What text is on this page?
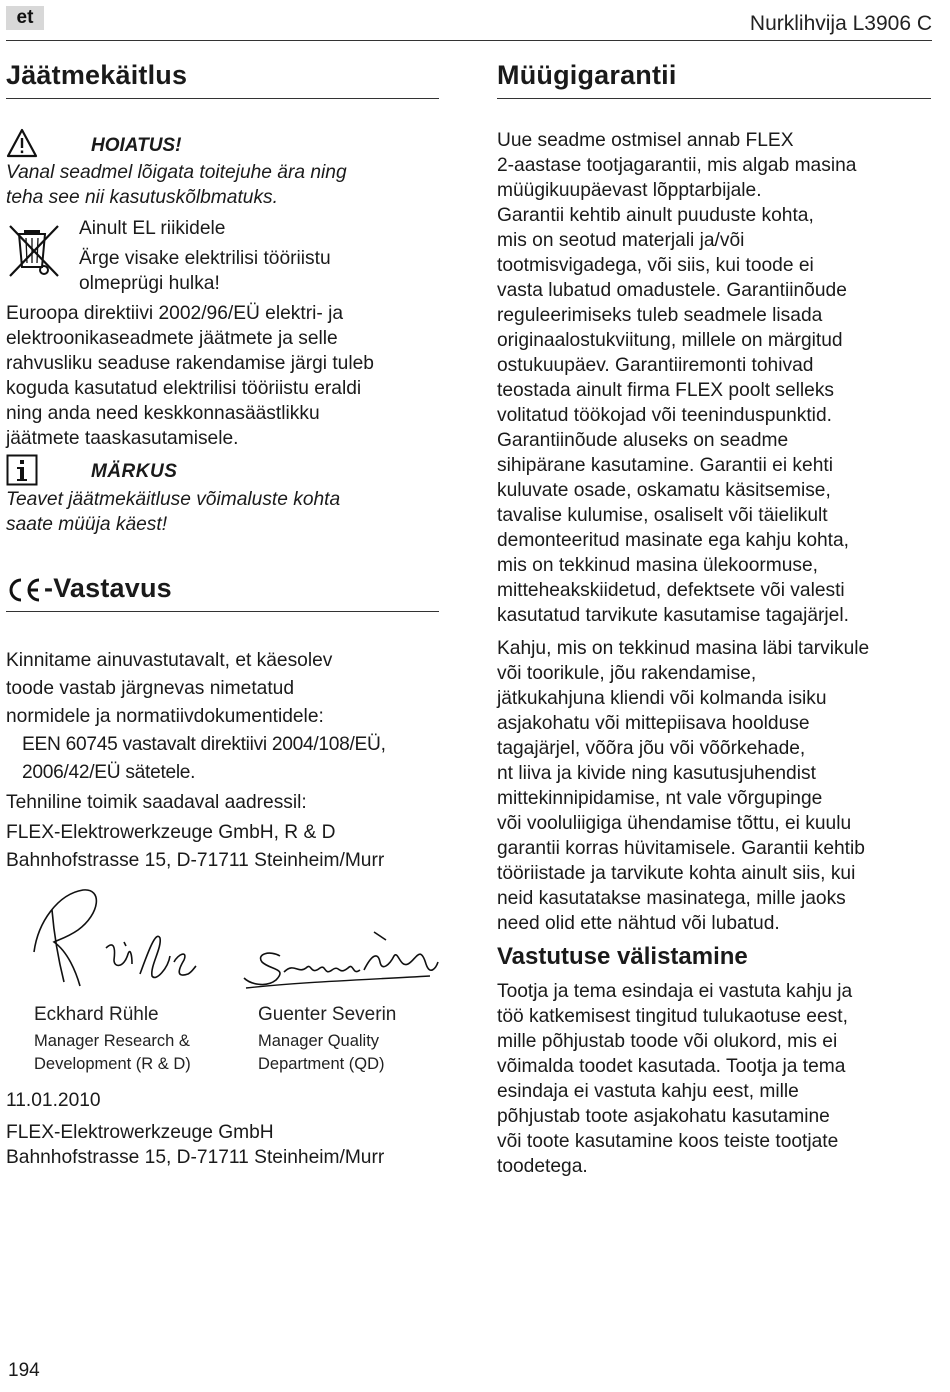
et	Nurklihvija L3906 C
Jäätmekäitlus
HOIATUS!

Vanal seadmel lõigata toitejuhe ära ning

teha see nii kasutuskõlbmatuks.

Ainult EL riikidele

Ärge visake elektrilisi tööriistu

olmeprügi hulka!

Euroopa direktiivi 2002/96/EÜ elektri- ja

elektroonikaseadmete jäätmete ja selle

rahvusliku seaduse rakendamise järgi tuleb

koguda kasutatud elektrilisi tööriistu eraldi

ning anda need keskkonnasäästlikku

jäätmete taaskasutamisele.

MÄRKUS

Teavet jäätmekäitluse võimaluste kohta

saate müüja käest!

-Vastavus

Kinnitame ainuvastutavalt, et käesolev

toode vastab järgnevas nimetatud

normidele ja normatiivdokumentidele:

EEN 60745 vastavalt direktiivi 2004/108/EÜ,

2006/42/EÜ sätetele.

Tehniline toimik saadaval aadressil:

FLEX-Elektrowerkzeuge GmbH, R & D

Bahnhofstrasse 15, D-71711 Steinheim/Murr

Eckhard Rühle
Manager Research &
Development (R & D)
Guenter Severin
Manager Quality
Department (QD)
11.01.2010

FLEX-Elektrowerkzeuge GmbH

Bahnhofstrasse 15, D-71711 Steinheim/Murr

Müügigarantii

Uue seadme ostmisel annab FLEX

2-aastase tootjagarantii, mis algab masina

müügikuupäevast lõpptarbijale.

Garantii kehtib ainult puuduste kohta,

mis on seotud materjali ja/või

tootmisvigadega, või siis, kui toode ei

vasta lubatud omadustele. Garantiinõude

reguleerimiseks tuleb seadmele lisada

originaalostukviitung, millele on märgitud

ostukuupäev. Garantiiremonti tohivad

teostada ainult firma FLEX poolt selleks

volitatud töökojad või teeninduspunktid.

Garantiinõude aluseks on seadme

sihipärane kasutamine. Garantii ei kehti

kuluvate osade, oskamatu käsitsemise,

tavalise kulumise, osaliselt või täielikult

demonteeritud masinate ega kahju kohta,

mis on tekkinud masina ülekoormuse,

mitteheakskiidetud, defektsete või valesti

kasutatud tarvikute kasutamise tagajärjel.

Kahju, mis on tekkinud masina läbi tarvikule

või toorikule, jõu rakendamise,

jätkukahjuna kliendi või kolmanda isiku

asjakohatu või mittepiisava hoolduse

tagajärjel, võõra jõu või võõrkehade,

nt liiva ja kivide ning kasutusjuhendist

mittekinnipidamise, nt vale võrgupinge

või vooluliigiga ühendamise tõttu, ei kuulu

garantii korras hüvitamisele. Garantii kehtib

tööriistade ja tarvikute kohta ainult siis, kui

neid kasutatakse masinatega, mille jaoks

need olid ette nähtud või lubatud.

Vastutuse välistamine

Tootja ja tema esindaja ei vastuta kahju ja

töö katkemisest tingitud tulukaotuse eest,

mille põhjustab toode või olukord, mis ei

võimalda toodet kasutada. Tootja ja tema

esindaja ei vastuta kahju eest, mille

põhjustab toote asjakohatu kasutamine

või toote kasutamine koos teiste tootjate

toodetega.

194
